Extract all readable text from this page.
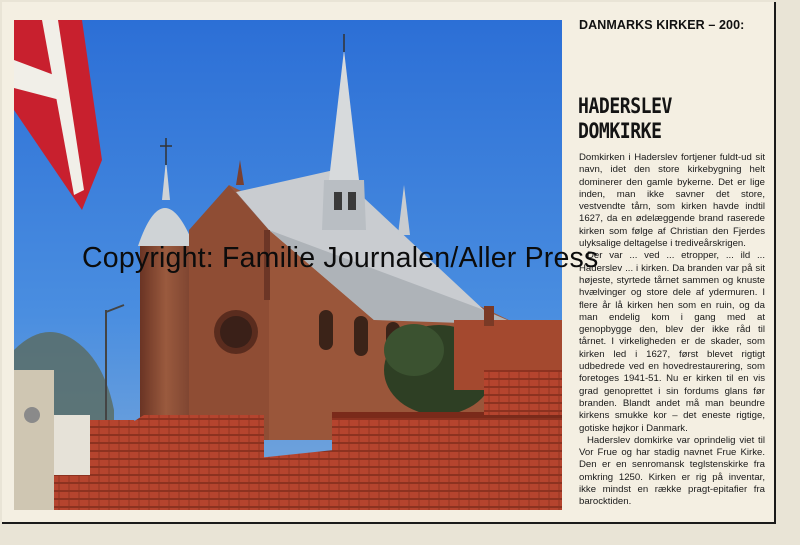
DANMARKS KIRKER – 200:
HADERSLEV
DOMKIRKE

Domkirken i Haderslev fortjener fuldt-ud sit navn, idet den store kirkebygning helt dominerer den gamle bykerne. Det er lige inden, man ikke savner det store, vestvendte tårn, som kirken havde indtil 1627, da en ødelæggende brand raserede kirken som følge af Christian den Fjerdes ulyksalige deltagelse i trediveårskrigen.

Der var ... ved ... etropper, ... ild ... Haderslev ... i kirken. Da branden var på sit højeste, styrtede tårnet sammen og knuste hvælvinger og store dele af ydermuren. I flere år lå kirken hen som en ruin, og da man endelig kom i gang med at genopbygge den, blev der ikke råd til tårnet. I virkeligheden er de skader, som kirken led i 1627, først blevet rigtigt udbedrede ved en hovedrestaurering, som foretoges 1941-51. Nu er kirken til en vis grad genoprettet i sin fordums glans før branden. Blandt andet må man beundre kirkens smukke kor – det eneste rigtige, gotiske højkor i Danmark.

Haderslev domkirke var oprindelig viet til Vor Frue og har stadig navnet Frue Kirke. Den er en senromansk teglstenskirke fra omkring 1250. Kirken er rig på inventar, ikke mindst en række pragt-epitafier fra barocktiden.

Copyright: Familie Journalen/Aller Press
